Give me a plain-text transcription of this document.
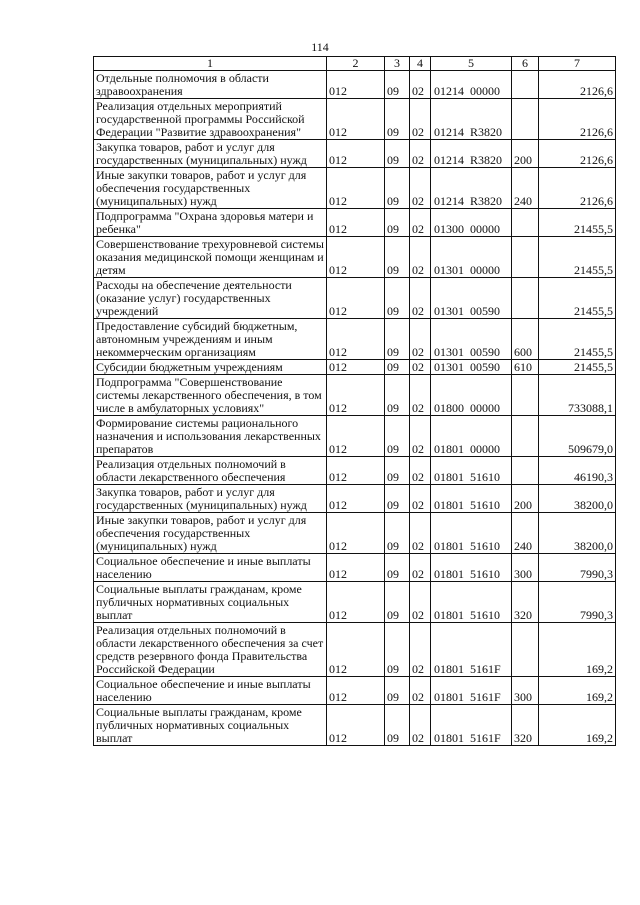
114
1	2	3	4	5	6	7
Отдельные полномочия в области здравоохранения	012	09	02	01214 00000		2126,6
Реализация отдельных мероприятий государственной программы Российской Федерации "Развитие здравоохранения"	012	09	02	01214 R3820		2126,6
Закупка товаров, работ и услуг для государственных (муниципальных) нужд	012	09	02	01214 R3820	200	2126,6
Иные закупки товаров, работ и услуг для обеспечения государственных (муниципальных) нужд	012	09	02	01214 R3820	240	2126,6
Подпрограмма "Охрана здоровья матери и ребенка"	012	09	02	01300 00000		21455,5
Совершенствование трехуровневой системы оказания медицинской помощи женщинам и детям	012	09	02	01301 00000		21455,5
Расходы на обеспечение деятельности (оказание услуг) государственных учреждений	012	09	02	01301 00590		21455,5
Предоставление субсидий бюджетным, автономным учреждениям и иным некоммерческим организациям	012	09	02	01301 00590	600	21455,5
Субсидии бюджетным учреждениям	012	09	02	01301 00590	610	21455,5
Подпрограмма "Совершенствование системы лекарственного обеспечения, в том числе в амбулаторных условиях"	012	09	02	01800 00000		733088,1
Формирование системы рационального назначения и использования лекарственных препаратов	012	09	02	01801 00000		509679,0
Реализация отдельных полномочий в области лекарственного обеспечения	012	09	02	01801 51610		46190,3
Закупка товаров, работ и услуг для государственных (муниципальных) нужд	012	09	02	01801 51610	200	38200,0
Иные закупки товаров, работ и услуг для обеспечения государственных (муниципальных) нужд	012	09	02	01801 51610	240	38200,0
Социальное обеспечение и иные выплаты населению	012	09	02	01801 51610	300	7990,3
Социальные выплаты гражданам, кроме публичных нормативных социальных выплат	012	09	02	01801 51610	320	7990,3
Реализация отдельных полномочий в области лекарственного обеспечения за счет средств резервного фонда Правительства Российской Федерации	012	09	02	01801 5161F		169,2
Социальное обеспечение и иные выплаты населению	012	09	02	01801 5161F	300	169,2
Социальные выплаты гражданам, кроме публичных нормативных социальных выплат	012	09	02	01801 5161F	320	169,2
